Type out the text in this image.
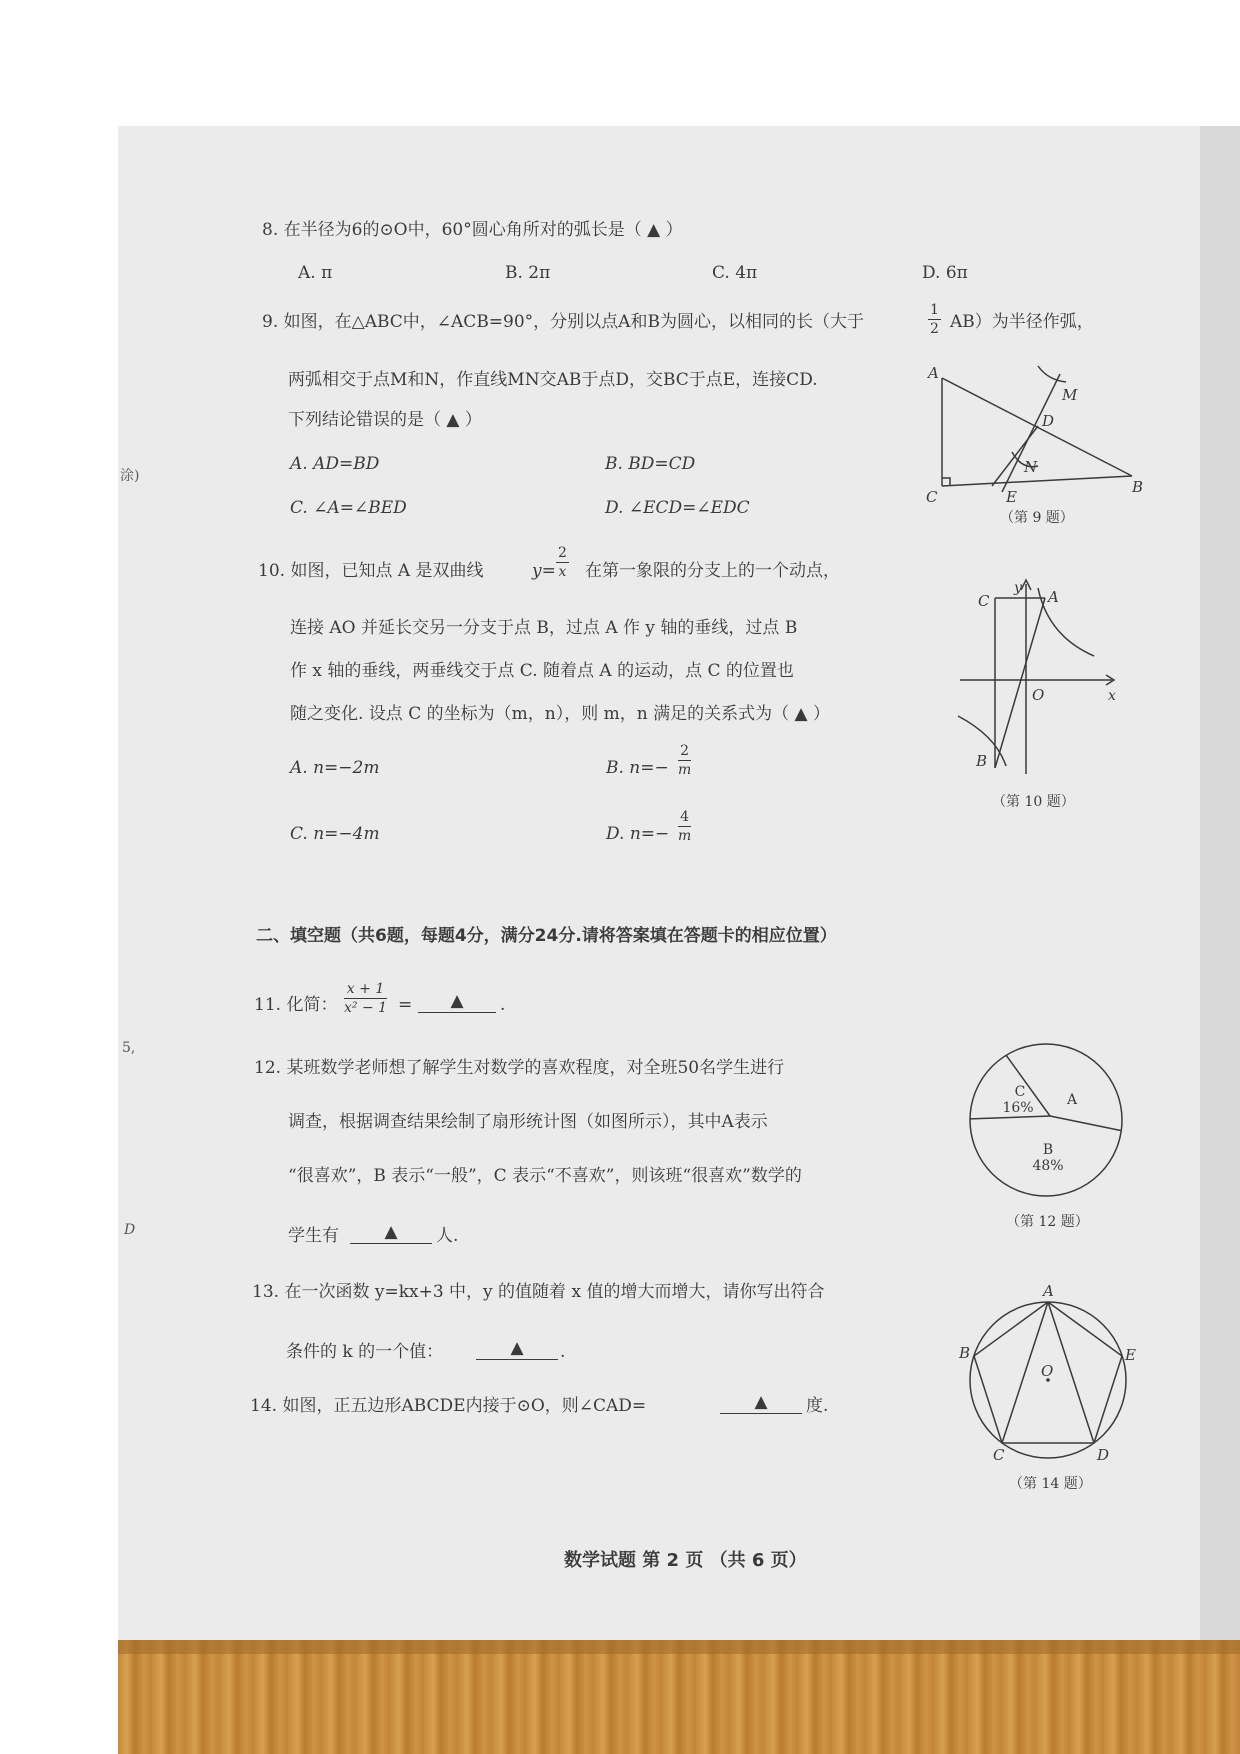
涂)
5,
D
8. 在半径为6的⊙O中，60°圆心角所对的弧长是（ ▲ ）
A. π	B. 2π	C. 4π	D. 6π
9. 如图，在△ABC中，∠ACB=90°，分别以点A和B为圆心，以相同的长（大于	$\frac{1}{2} AB$）为半径作弧，
两弧相交于点M和N，作直线MN交AB于点D，交BC于点E，连接CD.
下列结论错误的是（ ▲ ）
A. AD=BD	B. BD=CD
C. ∠A=∠BED	D. ∠ECD=∠EDC
A
C
B
D
E
M
N
（第 9 题）
10. 如图，已知点 A 是双曲线	$y= \frac{2}{x}$ 在第一象限的分支上的一个动点，
连接 AO 并延长交另一分支于点 B，过点 A 作 y 轴的垂线，过点 B
作 x 轴的垂线，两垂线交于点 C. 随着点 A 的运动，点 C 的位置也
随之变化. 设点 C 的坐标为（m，n），则 m，n 满足的关系式为（ ▲ ）
A. n=−2m	B. $n=- \frac{2}{m}$
C. n=−4m	D. $n=- \frac{4}{m}$
C
y A
O	x
B
（第 10 题）
二、填空题（共6题，每题4分，满分24分.请将答案填在答题卡的相应位置）
11. 化简： $\frac{x + 1}{\text{x² − 1}}$ =	▲	.
12. 某班数学老师想了解学生对数学的喜欢程度，对全班50名学生进行
调查，根据调查结果绘制了扇形统计图（如图所示），其中A表示
“很喜欢”，B 表示“一般”，C 表示“不喜欢”，则该班“很喜欢”数学的
学生有	▲	人.
C
16% A
B
48%
（第 12 题）
13. 在一次函数 y=kx+3 中，y 的值随着 x 值的增大而增大，请你写出符合
条件的 k 的一个值：	▲	.
14. 如图，正五边形ABCDE内接于⊙O，则∠CAD=	▲	度.
A
B	E
O
C	D
（第 14 题）
数学试题 第 2 页 （共 6 页）
